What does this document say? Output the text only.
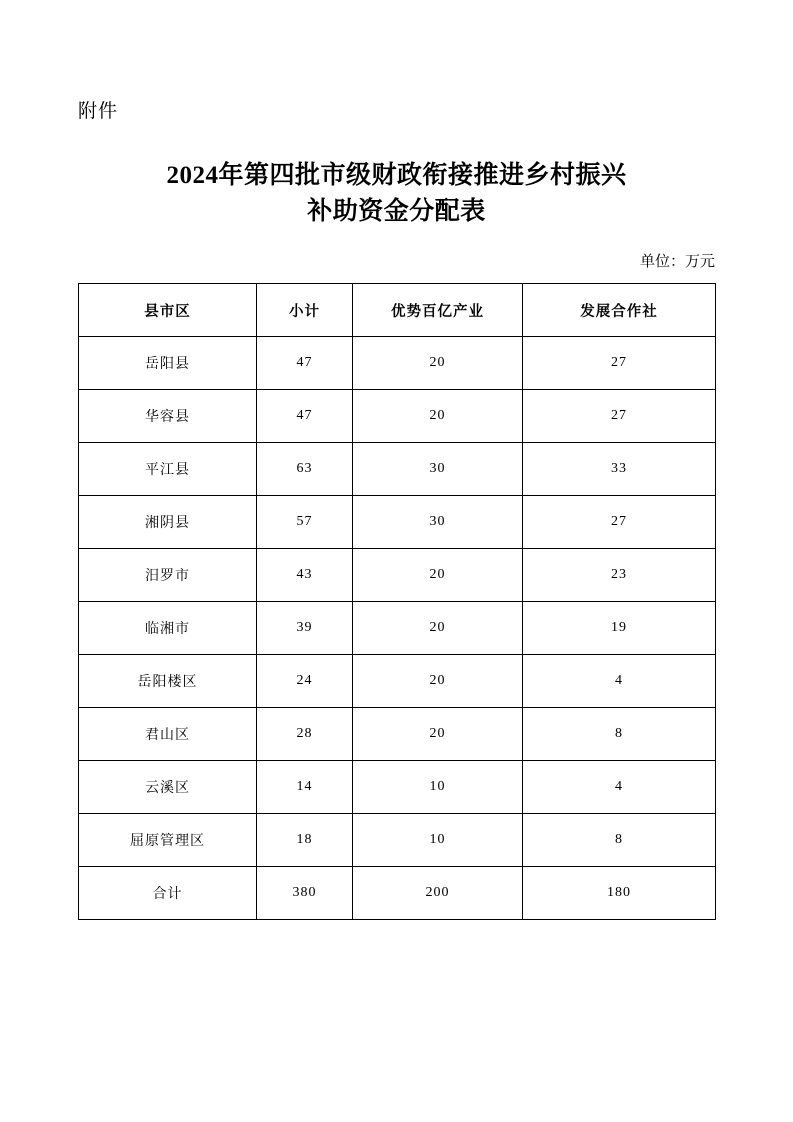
附件
2024年第四批市级财政衔接推进乡村振兴
补助资金分配表
单位：万元
县市区	小计	优势百亿产业	发展合作社
岳阳县	47	20	27
华容县	47	20	27
平江县	63	30	33
湘阴县	57	30	27
汨罗市	43	20	23
临湘市	39	20	19
岳阳楼区	24	20	4
君山区	28	20	8
云溪区	14	10	4
屈原管理区	18	10	8
合计	380	200	180
